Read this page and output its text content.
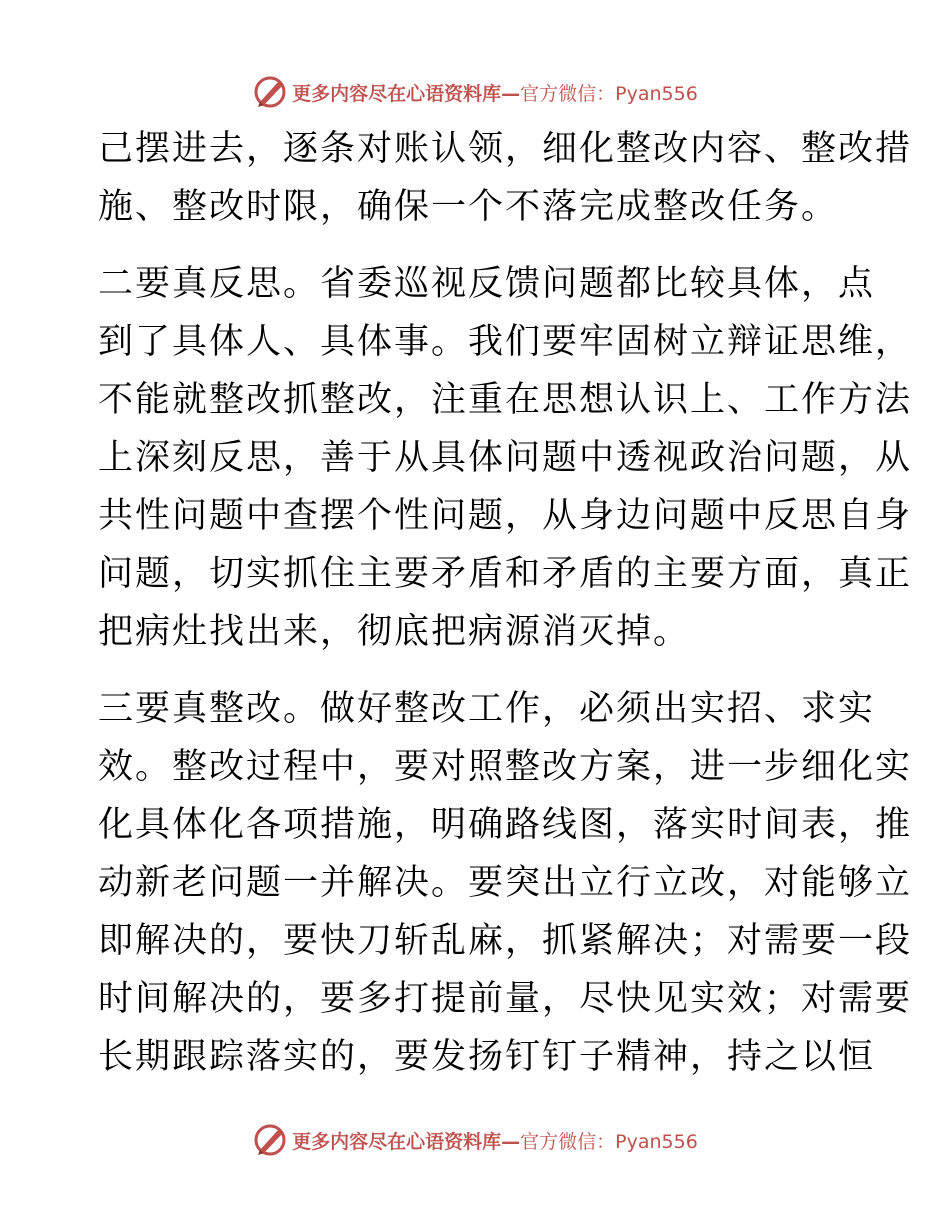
更多内容尽在心语资料库— 官方微信：Pyan556
己摆进去，逐条对账认领，细化整改内容、整改措
施、整改时限，确保一个不落完成整改任务。
二要真反思。省委巡视反馈问题都比较具体，点
到了具体人、具体事。我们要牢固树立辩证思维，
不能就整改抓整改，注重在思想认识上、工作方法
上深刻反思，善于从具体问题中透视政治问题，从
共性问题中查摆个性问题，从身边问题中反思自身
问题，切实抓住主要矛盾和矛盾的主要方面，真正
把病灶找出来，彻底把病源消灭掉。
三要真整改。做好整改工作，必须出实招、求实
效。整改过程中，要对照整改方案，进一步细化实
化具体化各项措施，明确路线图，落实时间表，推
动新老问题一并解决。要突出立行立改，对能够立
即解决的，要快刀斩乱麻，抓紧解决；对需要一段
时间解决的，要多打提前量，尽快见实效；对需要
长期跟踪落实的，要发扬钉钉子精神，持之以恒
更多内容尽在心语资料库— 官方微信：Pyan556
